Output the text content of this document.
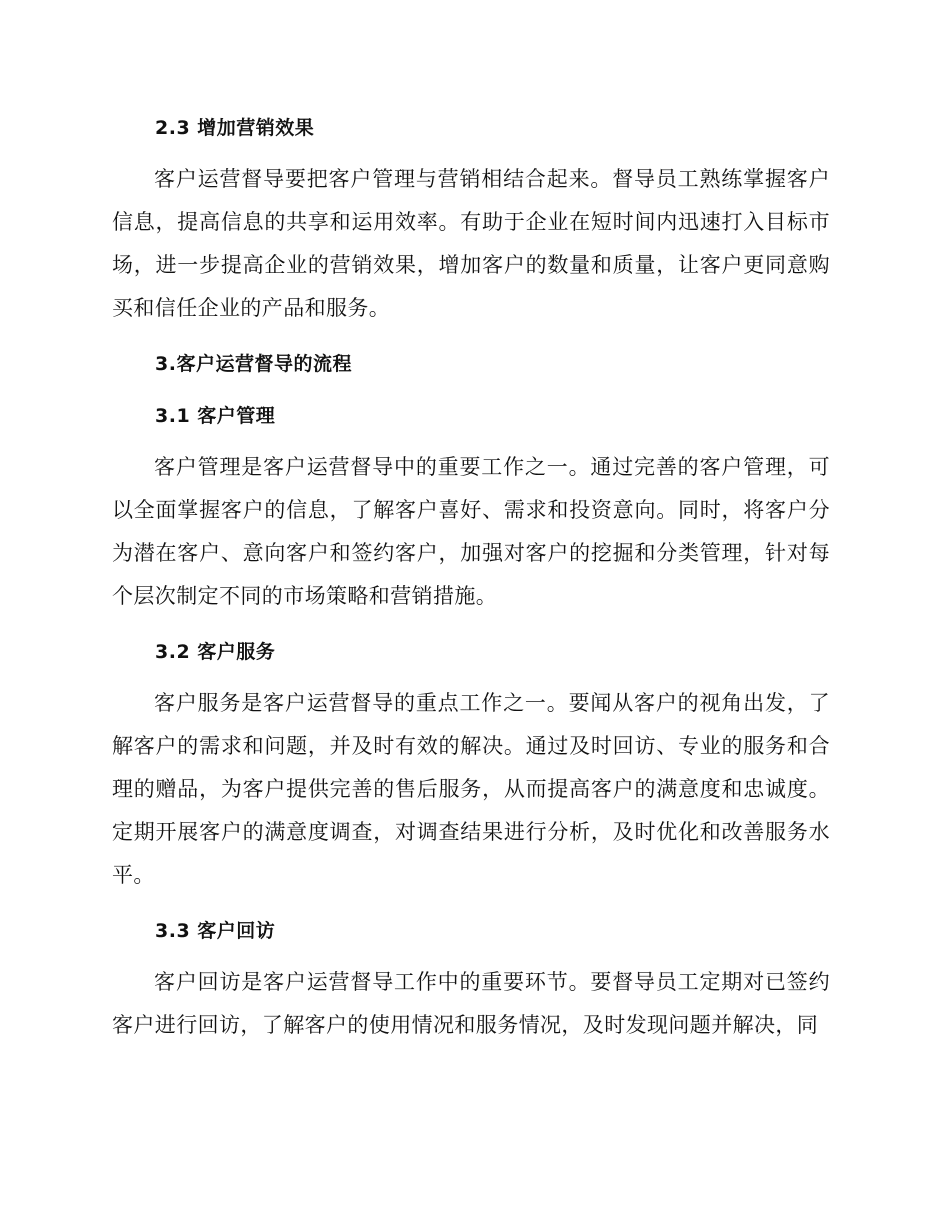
2.3 增加营销效果

客户运营督导要把客户管理与营销相结合起来。督导员工熟练掌握客户信息，提高信息的共享和运用效率。有助于企业在短时间内迅速打入目标市场，进一步提高企业的营销效果，增加客户的数量和质量，让客户更同意购买和信任企业的产品和服务。

3.客户运营督导的流程
3.1 客户管理

客户管理是客户运营督导中的重要工作之一。通过完善的客户管理，可以全面掌握客户的信息，了解客户喜好、需求和投资意向。同时，将客户分为潜在客户、意向客户和签约客户，加强对客户的挖掘和分类管理，针对每个层次制定不同的市场策略和营销措施。

3.2 客户服务

客户服务是客户运营督导的重点工作之一。要闻从客户的视角出发，了解客户的需求和问题，并及时有效的解决。通过及时回访、专业的服务和合理的赠品，为客户提供完善的售后服务，从而提高客户的满意度和忠诚度。定期开展客户的满意度调查，对调查结果进行分析，及时优化和改善服务水平。

3.3 客户回访

客户回访是客户运营督导工作中的重要环节。要督导员工定期对已签约客户进行回访，了解客户的使用情况和服务情况，及时发现问题并解决，同
